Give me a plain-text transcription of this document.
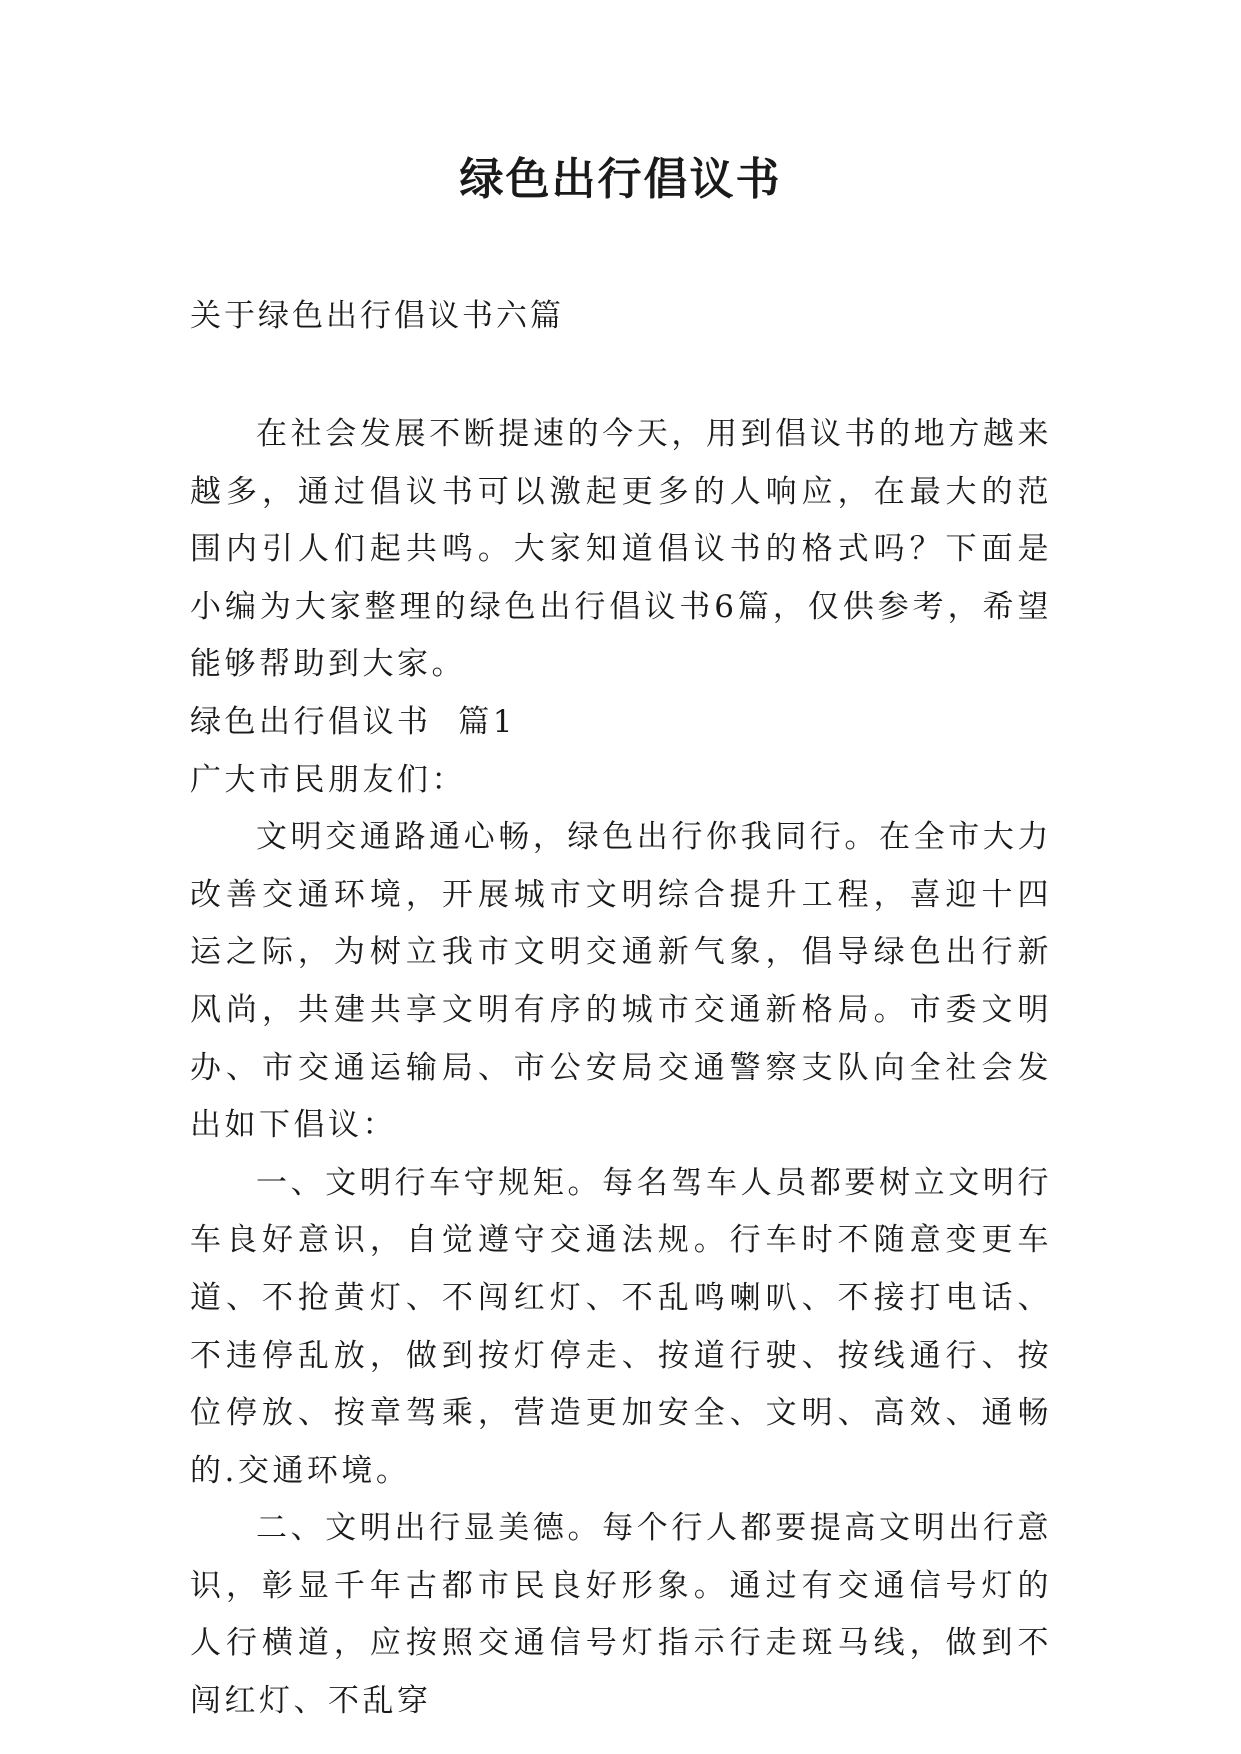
绿色出行倡议书
关于绿色出行倡议书六篇

在社会发展不断提速的今天，用到倡议书的地方越来越多，通过倡议书可以激起更多的人响应，在最大的范围内引人们起共鸣。大家知道倡议书的格式吗？下面是小编为大家整理的绿色出行倡议书6篇，仅供参考，希望能够帮助到大家。

绿色出行倡议书  篇1

广大市民朋友们：

文明交通路通心畅，绿色出行你我同行。在全市大力改善交通环境，开展城市文明综合提升工程，喜迎十四运之际，为树立我市文明交通新气象，倡导绿色出行新风尚，共建共享文明有序的城市交通新格局。市委文明办、市交通运输局、市公安局交通警察支队向全社会发出如下倡议：

一、文明行车守规矩。每名驾车人员都要树立文明行车良好意识，自觉遵守交通法规。行车时不随意变更车道、不抢黄灯、不闯红灯、不乱鸣喇叭、不接打电话、不违停乱放，做到按灯停走、按道行驶、按线通行、按位停放、按章驾乘，营造更加安全、文明、高效、通畅的.交通环境。

二、文明出行显美德。每个行人都要提高文明出行意识，彰显千年古都市民良好形象。通过有交通信号灯的人行横道，应按照交通信号灯指示行走斑马线，做到不闯红灯、不乱穿
